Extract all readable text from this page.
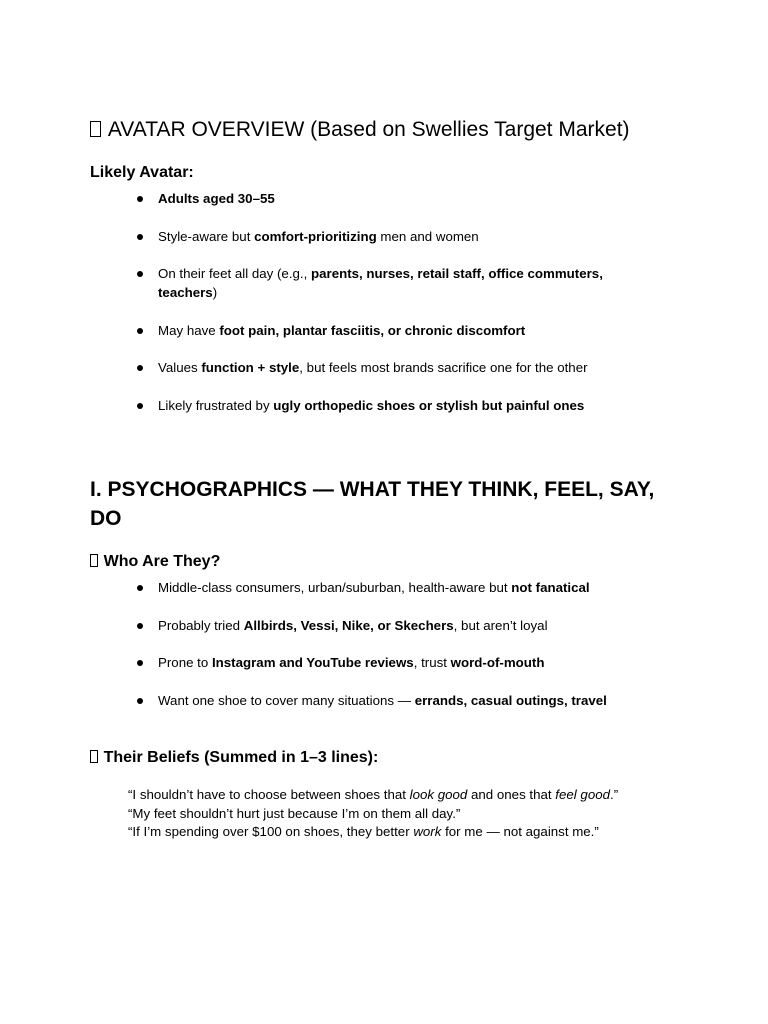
AVATAR OVERVIEW (Based on Swellies Target Market)
Likely Avatar:
Adults aged 30–55
Style-aware but comfort-prioritizing men and women
On their feet all day (e.g., parents, nurses, retail staff, office commuters, teachers)
May have foot pain, plantar fasciitis, or chronic discomfort
Values function + style, but feels most brands sacrifice one for the other
Likely frustrated by ugly orthopedic shoes or stylish but painful ones
I. PSYCHOGRAPHICS — WHAT THEY THINK, FEEL, SAY, DO
Who Are They?
Middle-class consumers, urban/suburban, health-aware but not fanatical
Probably tried Allbirds, Vessi, Nike, or Skechers, but aren’t loyal
Prone to Instagram and YouTube reviews, trust word-of-mouth
Want one shoe to cover many situations — errands, casual outings, travel
Their Beliefs (Summed in 1–3 lines):
“I shouldn’t have to choose between shoes that look good and ones that feel good.”
“My feet shouldn’t hurt just because I’m on them all day.”
“If I’m spending over $100 on shoes, they better work for me — not against me.”
